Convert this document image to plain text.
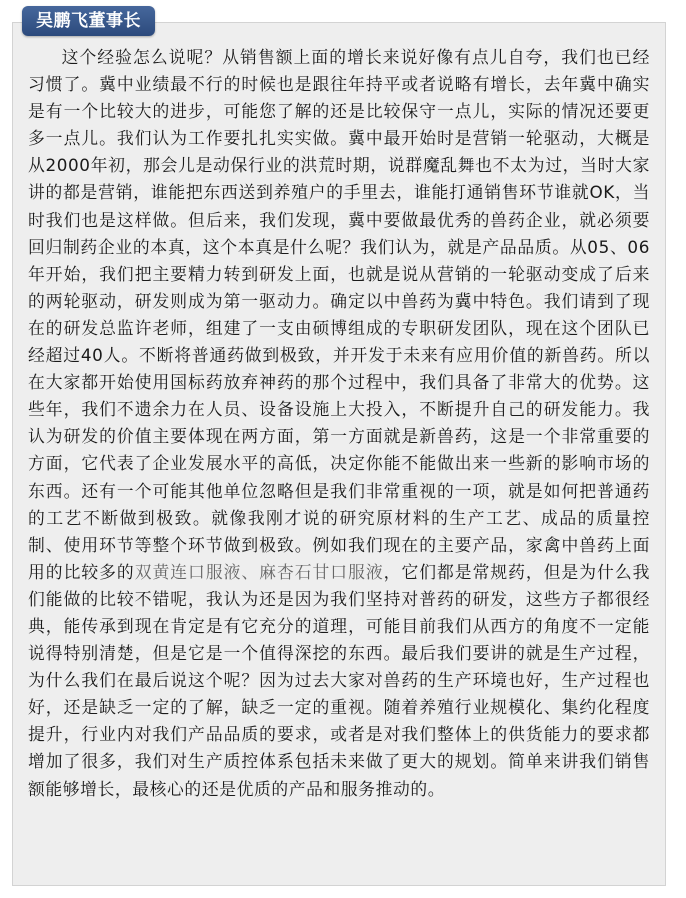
吴鹏飞董事长

这个经验怎么说呢？从销售额上面的增长来说好像有点儿自夸，我们也已经习惯了。冀中业绩最不行的时候也是跟往年持平或者说略有增长，去年冀中确实是有一个比较大的进步，可能您了解的还是比较保守一点儿，实际的情况还要更多一点儿。我们认为工作要扎扎实实做。冀中最开始时是营销一轮驱动，大概是从2000年初，那会儿是动保行业的洪荒时期，说群魔乱舞也不太为过，当时大家讲的都是营销，谁能把东西送到养殖户的手里去，谁能打通销售环节谁就OK，当时我们也是这样做。但后来，我们发现，冀中要做最优秀的兽药企业，就必须要回归制药企业的本真，这个本真是什么呢？我们认为，就是产品品质。从05、06年开始，我们把主要精力转到研发上面，也就是说从营销的一轮驱动变成了后来的两轮驱动，研发则成为第一驱动力。确定以中兽药为冀中特色。我们请到了现在的研发总监许老师，组建了一支由硕博组成的专职研发团队，现在这个团队已经超过40人。不断将普通药做到极致，并开发于未来有应用价值的新兽药。所以在大家都开始使用国标药放弃神药的那个过程中，我们具备了非常大的优势。这些年，我们不遗余力在人员、设备设施上大投入，不断提升自己的研发能力。我认为研发的价值主要体现在两方面，第一方面就是新兽药，这是一个非常重要的方面，它代表了企业发展水平的高低，决定你能不能做出来一些新的影响市场的东西。还有一个可能其他单位忽略但是我们非常重视的一项，就是如何把普通药的工艺不断做到极致。就像我刚才说的研究原材料的生产工艺、成品的质量控制、使用环节等整个环节做到极致。例如我们现在的主要产品，家禽中兽药上面用的比较多的双黄连口服液、麻杏石甘口服液，它们都是常规药，但是为什么我们能做的比较不错呢，我认为还是因为我们坚持对普药的研发，这些方子都很经典，能传承到现在肯定是有它充分的道理，可能目前我们从西方的角度不一定能说得特别清楚，但是它是一个值得深挖的东西。最后我们要讲的就是生产过程，为什么我们在最后说这个呢？因为过去大家对兽药的生产环境也好，生产过程也好，还是缺乏一定的了解，缺乏一定的重视。随着养殖行业规模化、集约化程度提升，行业内对我们产品品质的要求，或者是对我们整体上的供货能力的要求都增加了很多，我们对生产质控体系包括未来做了更大的规划。简单来讲我们销售额能够增长，最核心的还是优质的产品和服务推动的。
